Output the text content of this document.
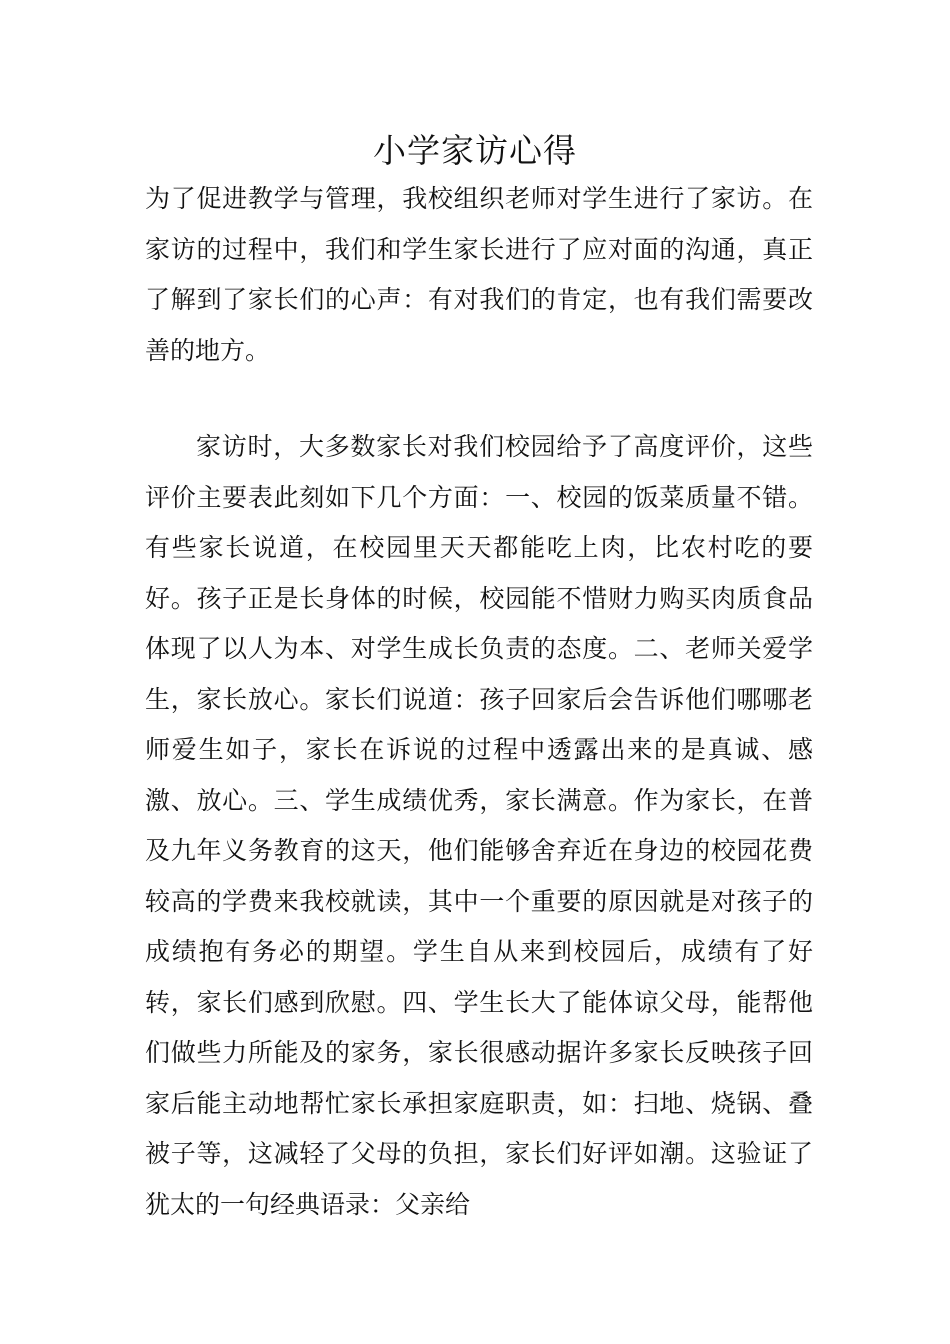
小学家访心得

为了促进教学与管理，我校组织老师对学生进行了家访。在家访的过程中，我们和学生家长进行了应对面的沟通，真正了解到了家长们的心声：有对我们的肯定，也有我们需要改善的地方。

家访时，大多数家长对我们校园给予了高度评价，这些评价主要表此刻如下几个方面：一、校园的饭菜质量不错。有些家长说道，在校园里天天都能吃上肉，比农村吃的要好。孩子正是长身体的时候，校园能不惜财力购买肉质食品体现了以人为本、对学生成长负责的态度。二、老师关爱学生，家长放心。家长们说道：孩子回家后会告诉他们哪哪老师爱生如子，家长在诉说的过程中透露出来的是真诚、感激、放心。三、学生成绩优秀，家长满意。作为家长，在普及九年义务教育的这天，他们能够舍弃近在身边的校园花费较高的学费来我校就读，其中一个重要的原因就是对孩子的成绩抱有务必的期望。学生自从来到校园后，成绩有了好转，家长们感到欣慰。四、学生长大了能体谅父母，能帮他们做些力所能及的家务，家长很感动据许多家长反映孩子回家后能主动地帮忙家长承担家庭职责，如：扫地、烧锅、叠被子等，这减轻了父母的负担，家长们好评如潮。这验证了犹太的一句经典语录：父亲给
